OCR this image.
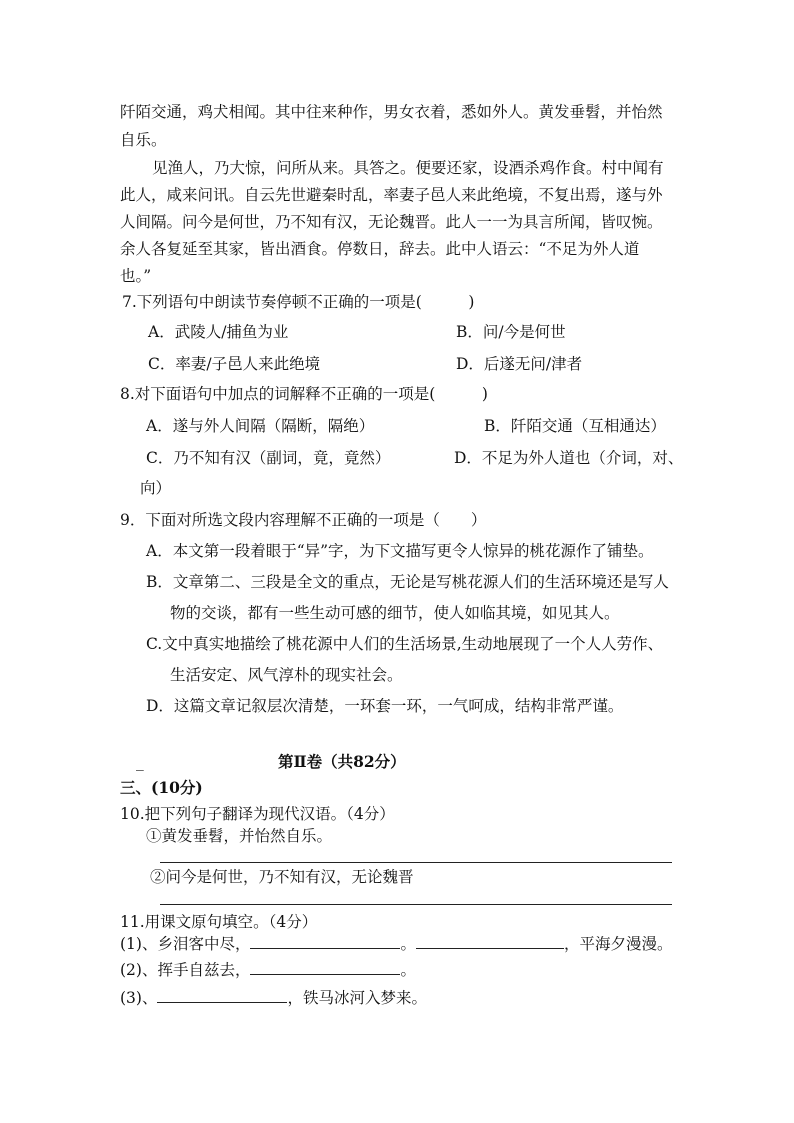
阡陌交通，鸡犬相闻。其中往来种作，男女衣着，悉如外人。黄发垂髫，并怡然
自乐。
见渔人，乃大惊，问所从来。具答之。便要还家，设酒杀鸡作食。村中闻有
此人，咸来问讯。自云先世避秦时乱，率妻子邑人来此绝境，不复出焉，遂与外
人间隔。问今是何世，乃不知有汉，无论魏晋。此人一一为具言所闻，皆叹惋。
余人各复延至其家，皆出酒食。停数日，辞去。此中人语云：“不足为外人道
也。”
7.下列语句中朗读节奏停顿不正确的一项是(　　　)
A．武陵人/捕鱼为业	B．问/今是何世
C．率妻/子邑人来此绝境	D．后遂无问/津者
8.对下面语句中加点的词解释不正确的一项是(　　　)
A．遂与外人间隔（隔断，隔绝）	B．阡陌交通（互相通达）
C．乃不知有汉（副词，竟，竟然）	D．不足为外人道也（介词，对、
向）
9．下面对所选文段内容理解不正确的一项是（　　）
A．本文第一段着眼于“异”字，为下文描写更令人惊异的桃花源作了铺垫。
B．文章第二、三段是全文的重点，无论是写桃花源人们的生活环境还是写人
物的交谈，都有一些生动可感的细节，使人如临其境，如见其人。
C.文中真实地描绘了桃花源中人们的生活场景,生动地展现了一个人人劳作、
生活安定、风气淳朴的现实社会。
D．这篇文章记叙层次清楚，一环套一环，一气呵成，结构非常严谨。
_	第Ⅱ卷（共82分）
三、(10分)
10.把下列句子翻译为现代汉语。（4分）
①黄发垂髫，并怡然自乐。
②问今是何世，乃不知有汉，无论魏晋
11.用课文原句填空。（4分）
(1)、乡泪客中尽，	。	，平海夕漫漫。
(2)、挥手自兹去，	。
(3)、	，铁马冰河入梦来。
